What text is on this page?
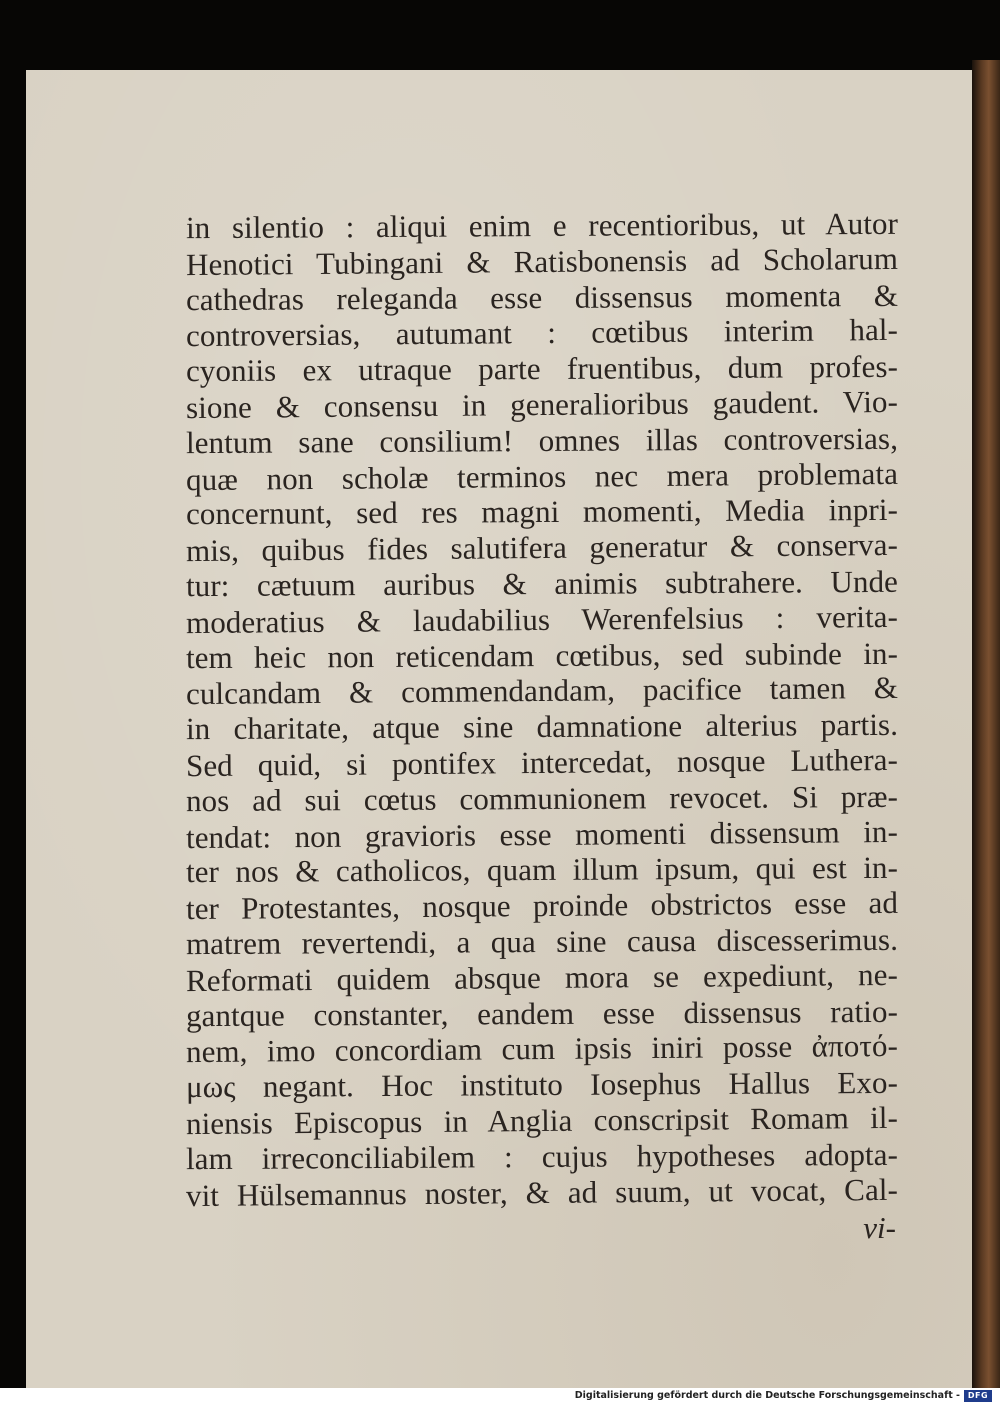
in silentio : aliqui enim e recentioribus, ut Autor
Henotici Tubingani & Ratisbonensis ad Scholarum
cathedras releganda esse dissensus momenta &
controversias, autumant : cœtibus interim hal-
cyoniis ex utraque parte fruentibus, dum profes-
sione & consensu in generalioribus gaudent. Vio-
lentum sane consilium! omnes illas controversias,
quæ non scholæ terminos nec mera problemata
concernunt, sed res magni momenti, Media inpri-
mis, quibus fides salutifera generatur & conserva-
tur: cætuum auribus & animis subtrahere. Unde
moderatius & laudabilius Werenfelsius : verita-
tem heic non reticendam cœtibus, sed subinde in-
culcandam & commendandam, pacifice tamen &
in charitate, atque sine damnatione alterius partis.
Sed quid, si pontifex intercedat, nosque Luthera-
nos ad sui cœtus communionem revocet. Si præ-
tendat: non gravioris esse momenti dissensum in-
ter nos & catholicos, quam illum ipsum, qui est in-
ter Protestantes, nosque proinde obstrictos esse ad
matrem revertendi, a qua sine causa discesserimus.
Reformati quidem absque mora se expediunt, ne-
gantque constanter, eandem esse dissensus ratio-
nem, imo concordiam cum ipsis iniri posse ἀποτό-
μως negant. Hoc instituto Iosephus Hallus Exo-
niensis Episcopus in Anglia conscripsit Romam il-
lam irreconciliabilem : cujus hypotheses adopta-
vit Hülsemannus noster, & ad suum, ut vocat, Cal-
vi-
Digitalisierung gefördert durch die Deutsche Forschungsgemeinschaft - DFG
